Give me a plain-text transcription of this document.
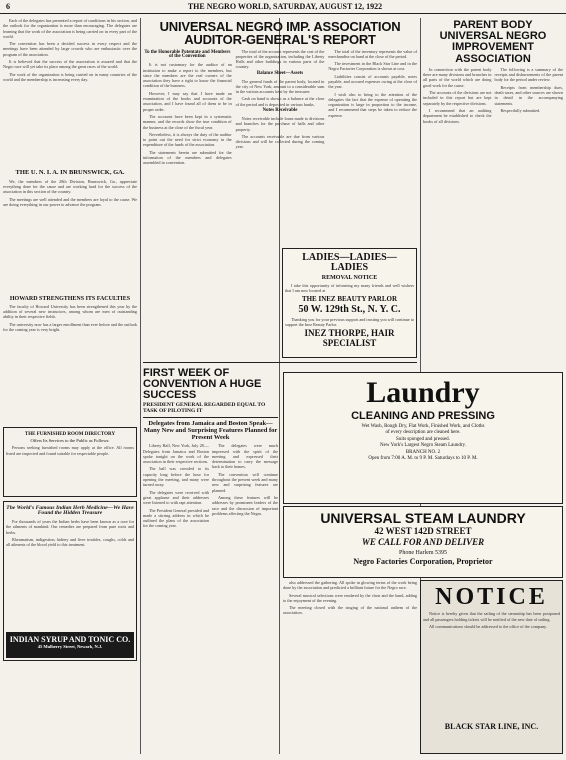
6	THE NEGRO WORLD, SATURDAY, AUGUST 12, 1922

Each of the delegates has presented a report of conditions in his section, and the outlook for the organization is more than encouraging. The delegates are learning that the work of the association is being carried on in every part of the world.

The convention has been a decided success in every respect and the meetings have been attended by large crowds who are enthusiastic over the program of the association.

It is believed that the success of the association is assured and that the Negro race will yet take its place among the great races of the world.

The work of the organization is being carried on in many countries of the world and the membership is increasing every day.

THE U. N. I. A. IN BRUNSWICK, GA.

We, the members of the 28th Division, Brunswick, Ga., appreciate everything done for the cause and are working hard for the success of the association in this section of the country.

The meetings are well attended and the members are loyal to the cause. We are doing everything in our power to advance the program.

HOWARD STRENGTHENS ITS FACULTIES

The faculty of Howard University has been strengthened this year by the addition of several new instructors, among whom are men of outstanding ability in their respective fields.

The university now has a larger enrollment than ever before and the outlook for the coming year is very bright.

THE FURNISHED ROOM DIRECTORY
Offers Its Services to the Public as Follows:

Persons seeking furnished rooms may apply at the office. All rooms listed are inspected and found suitable for respectable people.

The World's Famous Indian Herb Medicine—We Have Found the Hidden Treasure

For thousands of years the Indian herbs have been known as a cure for the ailments of mankind. Our remedies are prepared from pure roots and herbs.

Rheumatism, indigestion, kidney and liver troubles, coughs, colds and all ailments of the blood yield to this treatment.

INDIAN SYRUP AND TONIC CO.
45 Mulberry Street, Newark, N.J.
UNIVERSAL NEGRO IMP. ASSOCIATION AUDITOR-GENERAL'S REPORT
To the Honorable Potentate and Members of the Convention

It is not customary for the auditor of an institution to make a report to the members, but since the members are the real owners of the association they have a right to know the financial condition of the business.

However, I may say that I have made an examination of the books and accounts of the association, and I have found all of them to be in proper order.

The accounts have been kept in a systematic manner, and the records show the true condition of the business at the close of the fiscal year.

Nevertheless, it is always the duty of the auditor to point out the need for strict economy in the expenditure of the funds of the association.

The statements herein are submitted for the information of the members and delegates assembled in convention.

The total of the account represents the cost of the properties of the organization, including the Liberty Halls and other buildings in various parts of the country.

Balance Sheet—Assets

The general funds of the parent body, located in the city of New York, amount to a considerable sum in the various accounts kept by the treasurer.

Cash on hand is shown as a balance at the close of the period and is deposited in various banks.

Notes Receivable

Notes receivable include loans made to divisions and branches for the purchase of halls and other property.

The accounts receivable are due from various divisions and will be collected during the coming year.

The total of the inventory represents the value of merchandise on hand at the close of the period.

The investment in the Black Star Line and in the Negro Factories Corporation is shown at cost.

Liabilities consist of accounts payable, notes payable, and accrued expenses owing at the close of the year.

I wish also to bring to the attention of the delegates the fact that the expense of operating the organization is large in proportion to the income, and I recommend that steps be taken to reduce the expense.

FIRST WEEK OF CONVENTION A HUGE SUCCESS
PRESIDENT GENERAL REGARDED EQUAL TO TASK OF PILOTING IT
Delegates from Jamaica and Boston Speak—Many New and Surprising Features Planned for Present Week

Liberty Hall, New York, July 28.—Delegates from Jamaica and Boston spoke tonight on the work of the association in their respective sections.

The hall was crowded to its capacity long before the hour for opening the meeting, and many were turned away.

The delegates were received with great applause and their addresses were listened to with rapt attention.

The President General presided and made a stirring address in which he outlined the plans of the association for the coming year.

The delegates were much impressed with the spirit of the meeting and expressed their determination to carry the message back to their homes.

The convention will continue throughout the present week and many new and surprising features are planned.

Among these features will be addresses by prominent leaders of the race and the discussion of important problems affecting the Negro.

LADIES—LADIES—LADIES
REMOVAL NOTICE

I take this opportunity of informing my many friends and well wishers that I am now located at

THE INEZ BEAUTY PARLOR
50 W. 129th St., N. Y. C.

Thanking you for your previous support and trusting you will continue to support the Inez Beauty Parlor.

INEZ THORPE, HAIR SPECIALIST
Laundry
CLEANING AND PRESSING
Wet Wash, Rough Dry, Flat Work, Finished Work, and Cloths
of every description are cleaned here.
Suits sponged and pressed.
New York's Largest Negro Steam Laundry.
BRANCH NO. 2
Open from 7:00 A. M. to 9 P. M. Saturdays to 10 P. M.
UNIVERSAL STEAM LAUNDRY
42 WEST 142D STREET
WE CALL FOR AND DELIVER
Phone Harlem 5395
Negro Factories Corporation, Proprietor
NOTICE

Notice is hereby given that the sailing of the steamship has been postponed and all passengers holding tickets will be notified of the new date of sailing.

All communications should be addressed to the office of the company.

BLACK STAR LINE, INC.

also addressed the gathering. All spoke in glowing terms of the work being done by the association and predicted a brilliant future for the Negro race.

Several musical selections were rendered by the choir and the band, adding to the enjoyment of the evening.

The meeting closed with the singing of the national anthem of the association.

PARENT BODY UNIVERSAL NEGRO IMPROVEMENT ASSOCIATION

In connection with the parent body there are many divisions and branches in all parts of the world which are doing good work for the cause.

The accounts of the divisions are not included in this report but are kept separately by the respective divisions.

I recommend that an auditing department be established to check the books of all divisions.

The following is a summary of the receipts and disbursements of the parent body for the period under review.

Receipts from membership dues, death taxes, and other sources are shown in detail in the accompanying statements.

Respectfully submitted.
